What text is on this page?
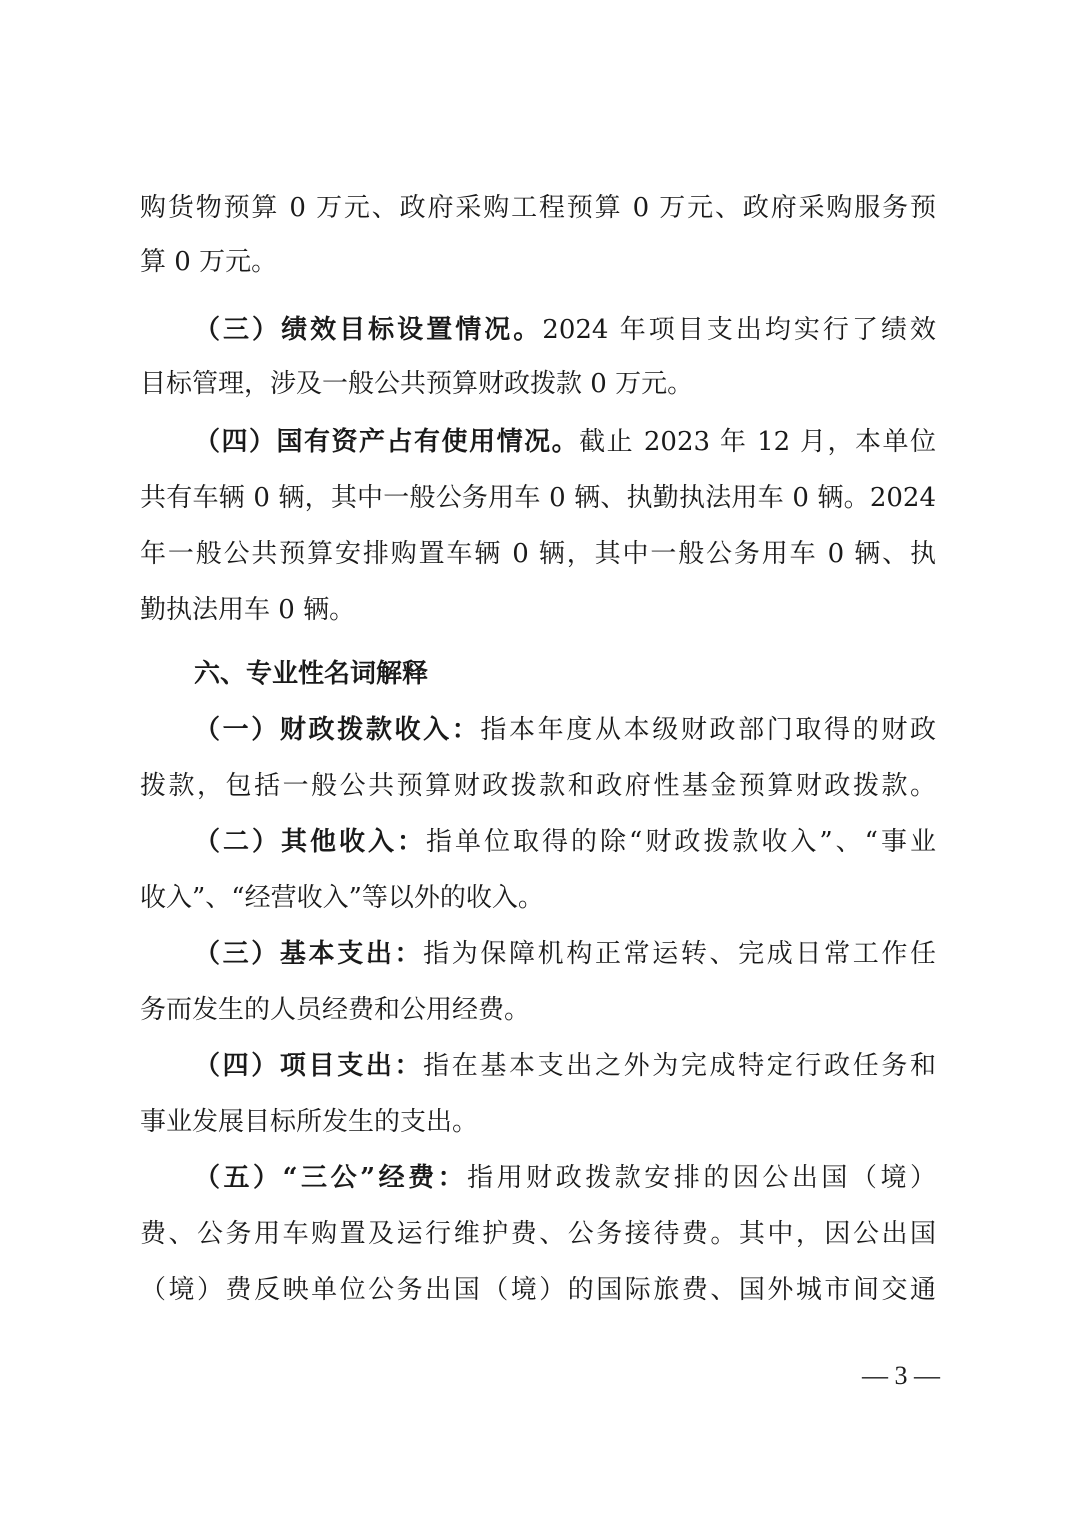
购货物预算 0 万元、政府采购工程预算 0 万元、政府采购服务预
算 0 万元。
（三）绩效目标设置情况。2024 年项目支出均实行了绩效
目标管理，涉及一般公共预算财政拨款 0 万元。
（四）国有资产占有使用情况。截止 2023 年 12 月，本单位
共有车辆 0 辆，其中一般公务用车 0 辆、执勤执法用车 0 辆。2024
年一般公共预算安排购置车辆 0 辆，其中一般公务用车 0 辆、执
勤执法用车 0 辆。
六、专业性名词解释
（一）财政拨款收入：指本年度从本级财政部门取得的财政
拨款，包括一般公共预算财政拨款和政府性基金预算财政拨款。
（二）其他收入：指单位取得的除“财政拨款收入”、“事业
收入”、“经营收入”等以外的收入。
（三）基本支出：指为保障机构正常运转、完成日常工作任
务而发生的人员经费和公用经费。
（四）项目支出：指在基本支出之外为完成特定行政任务和
事业发展目标所发生的支出。
（五）“三公”经费：指用财政拨款安排的因公出国（境）
费、公务用车购置及运行维护费、公务接待费。其中，因公出国
（境）费反映单位公务出国（境）的国际旅费、国外城市间交通
— 3 —
